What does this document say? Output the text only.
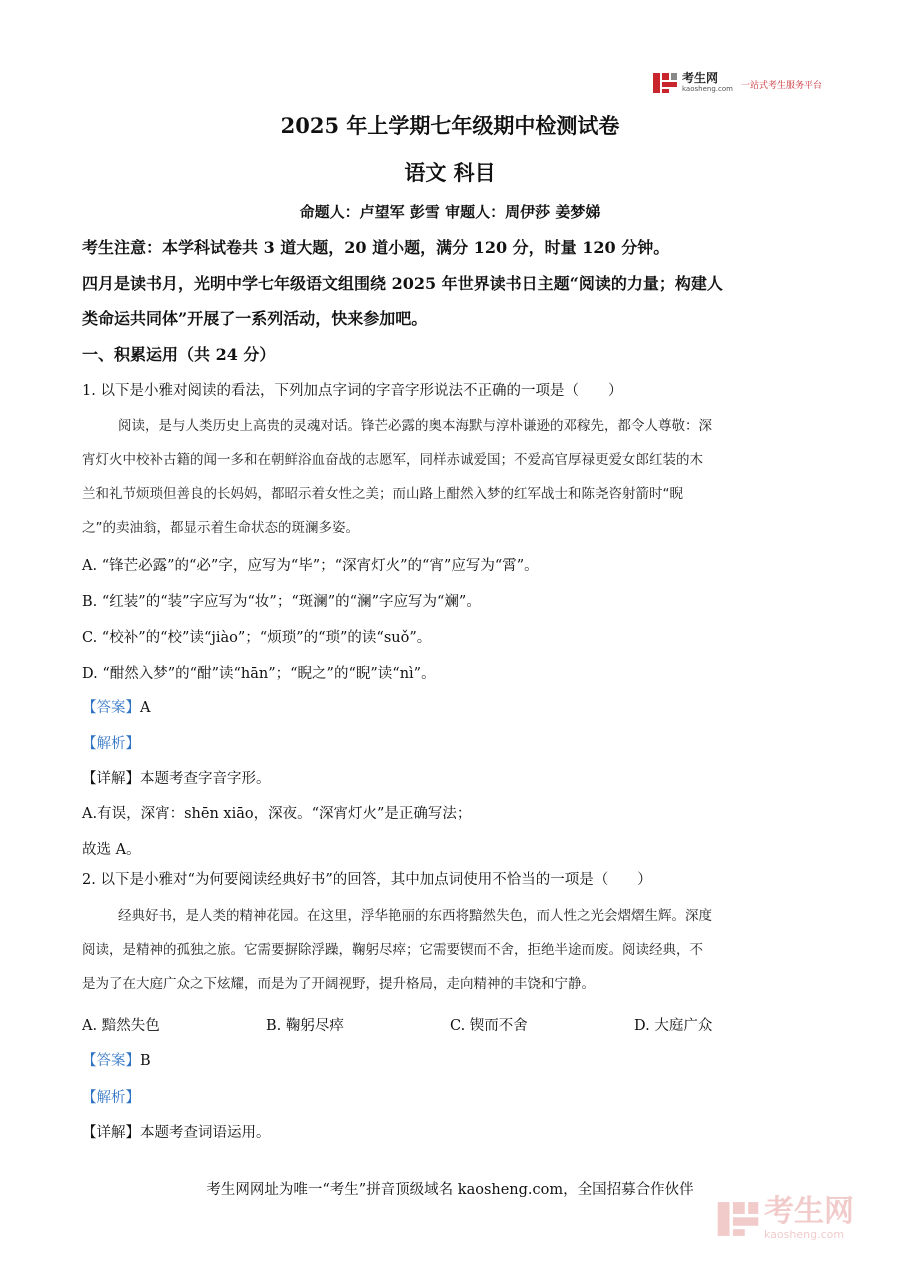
考生网
kaosheng.com 一站式考生服务平台
2025 年上学期七年级期中检测试卷
语文 科目
命题人：卢望军 彭雪 审题人：周伊莎 姜梦娣
考生注意：本学科试卷共 3 道大题，20 道小题，满分 120 分，时量 120 分钟。
四月是读书月，光明中学七年级语文组围绕 2025 年世界读书日主题“阅读的力量；构建人
类命运共同体”开展了一系列活动，快来参加吧。
一、积累运用（共 24 分）
1. 以下是小雅对阅读的看法，下列加点字词的字音字形说法不正确的一项是（　　）
阅读，是与人类历史上高贵的灵魂对话。锋芒必露的奥本海默与淳朴谦逊的邓稼先，都令人尊敬：深
宵灯火中校补古籍的闻一多和在朝鲜浴血奋战的志愿军，同样赤诚爱国；不爱高官厚禄更爱女郎红装的木
兰和礼节烦琐但善良的长妈妈，都昭示着女性之美；而山路上酣然入梦的红军战士和陈尧咨射箭时“睨
之”的卖油翁，都显示着生命状态的斑澜多姿。
A. “锋芒必露”的“必”字，应写为“毕”；“深宵灯火”的“宵”应写为“霄”。
B. “红装”的“装”字应写为“妆”；“斑澜”的“澜”字应写为“斓”。
C. “校补”的“校”读“jiào”；“烦琐”的“琐”的读“suǒ”。
D. “酣然入梦”的“酣”读“hān”；“睨之”的“睨”读“nì”。
【答案】A
【解析】
【详解】本题考查字音字形。
A.有误，深宵：shēn xiāo，深夜。“深宵灯火”是正确写法；
故选 A。
2. 以下是小雅对“为何要阅读经典好书”的回答，其中加点词使用不恰当的一项是（　　）
经典好书，是人类的精神花园。在这里，浮华艳丽的东西将黯然失色，而人性之光会熠熠生辉。深度
阅读，是精神的孤独之旅。它需要摒除浮躁，鞠躬尽瘁；它需要锲而不舍，拒绝半途而废。阅读经典，不
是为了在大庭广众之下炫耀，而是为了开阔视野，提升格局，走向精神的丰饶和宁静。
A. 黯然失色	B. 鞠躬尽瘁	C. 锲而不舍	D. 大庭广众
【答案】B
【解析】
【详解】本题考查词语运用。
考生网网址为唯一“考生”拼音顶级域名 kaosheng.com，全国招募合作伙伴
考生网
kaosheng.com
